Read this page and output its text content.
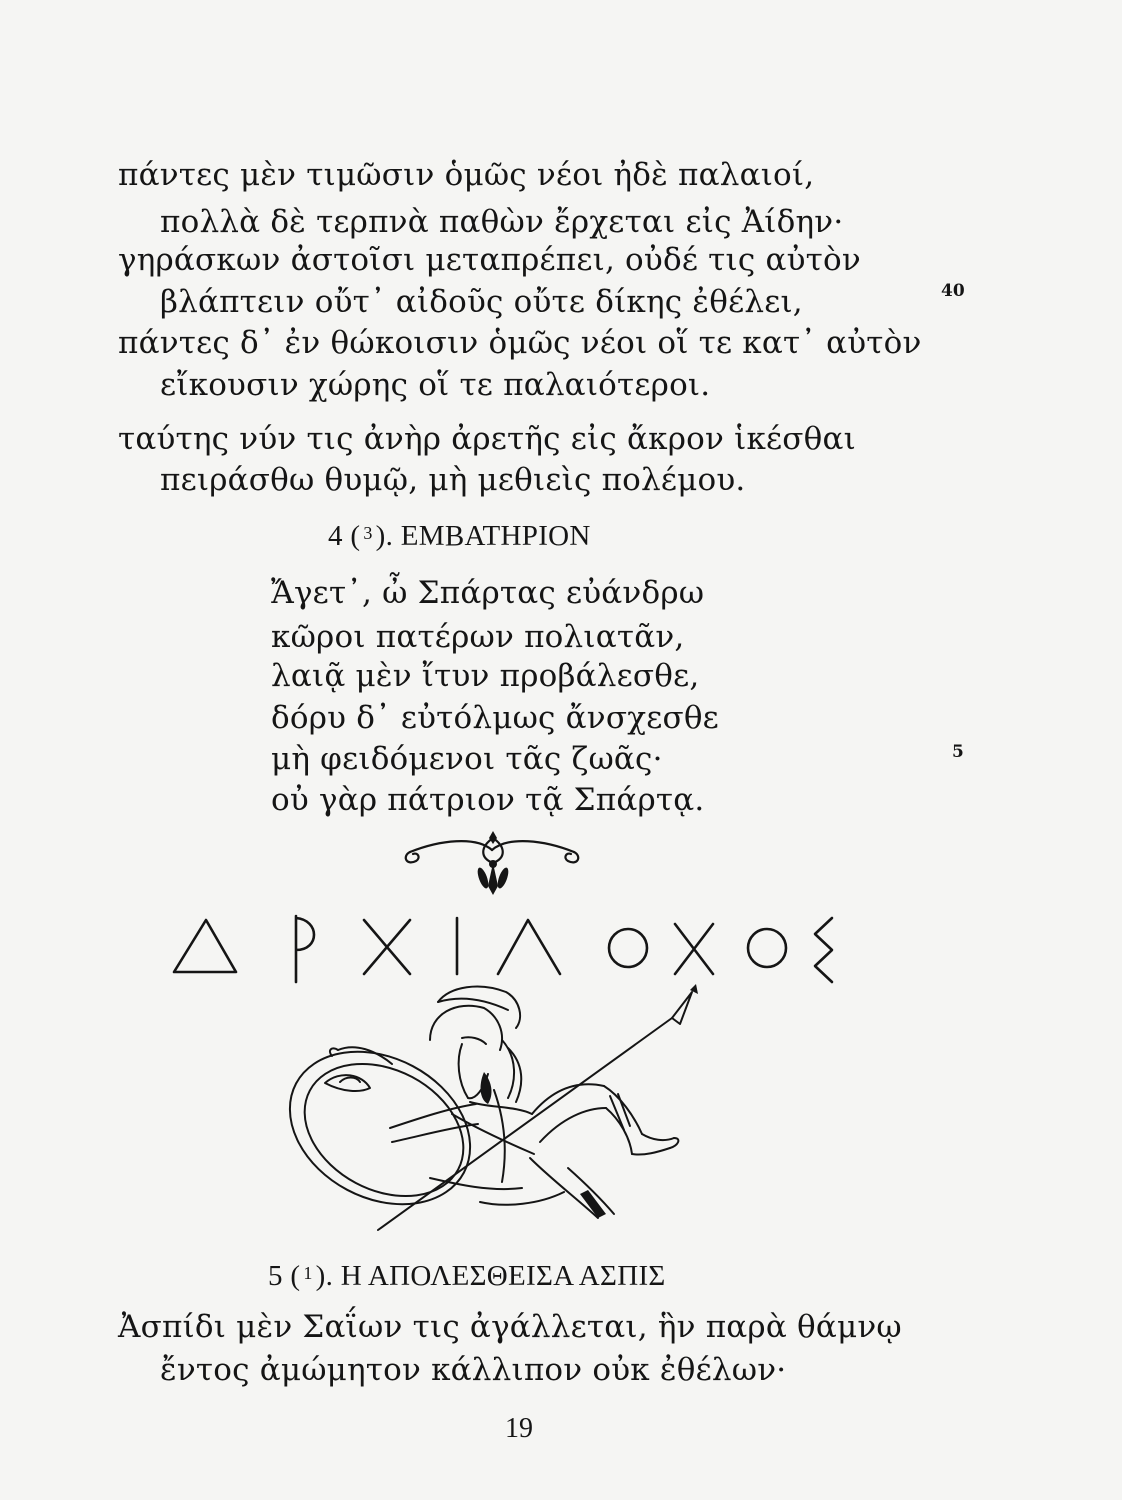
πάντες μὲν τιμῶσιν ὁμῶς νέοι ἠδὲ παλαιοί,
πολλὰ δὲ τερπνὰ παθὼν ἔρχεται εἰς Ἀίδην·
γηράσκων ἀστοῖσι μεταπρέπει, οὐδέ τις αὐτὸν
βλάπτειν οὔτ᾽ αἰδοῦς οὔτε δίκης ἐθέλει,
πάντες δ᾽ ἐν θώκοισιν ὁμῶς νέοι οἵ τε κατ᾽ αὐτὸν
εἴκουσιν χώρης οἵ τε παλαιότεροι.
ταύτης νύν τις ἀνὴρ ἀρετῆς εἰς ἄκρον ἱκέσθαι
πειράσθω θυμῷ, μὴ μεθιεὶς πολέμου.
40
4 ( $^3$ ). ΕΜΒΑΤΗΡΙΟΝ
Ἄγετ᾽, ὦ Σπάρτας εὐάνδρω
κῶροι πατέρων πολιατᾶν,
λαιᾷ μὲν ἴτυν προβάλεσθε,
δόρυ δ᾽ εὐτόλμως ἄνσχεσθε
μὴ φειδόμενοι τᾶς ζωᾶς·
οὐ γὰρ πάτριον τᾷ Σπάρτᾳ.
5
5 ( $^1$ ). Η ΑΠΟΛΕΣΘΕΙΣΑ ΑΣΠΙΣ
Ἀσπίδι μὲν Σαΐων τις ἀγάλλεται, ἣν παρὰ θάμνῳ
ἔντος ἀμώμητον κάλλιπον οὐκ ἐθέλων·
19
